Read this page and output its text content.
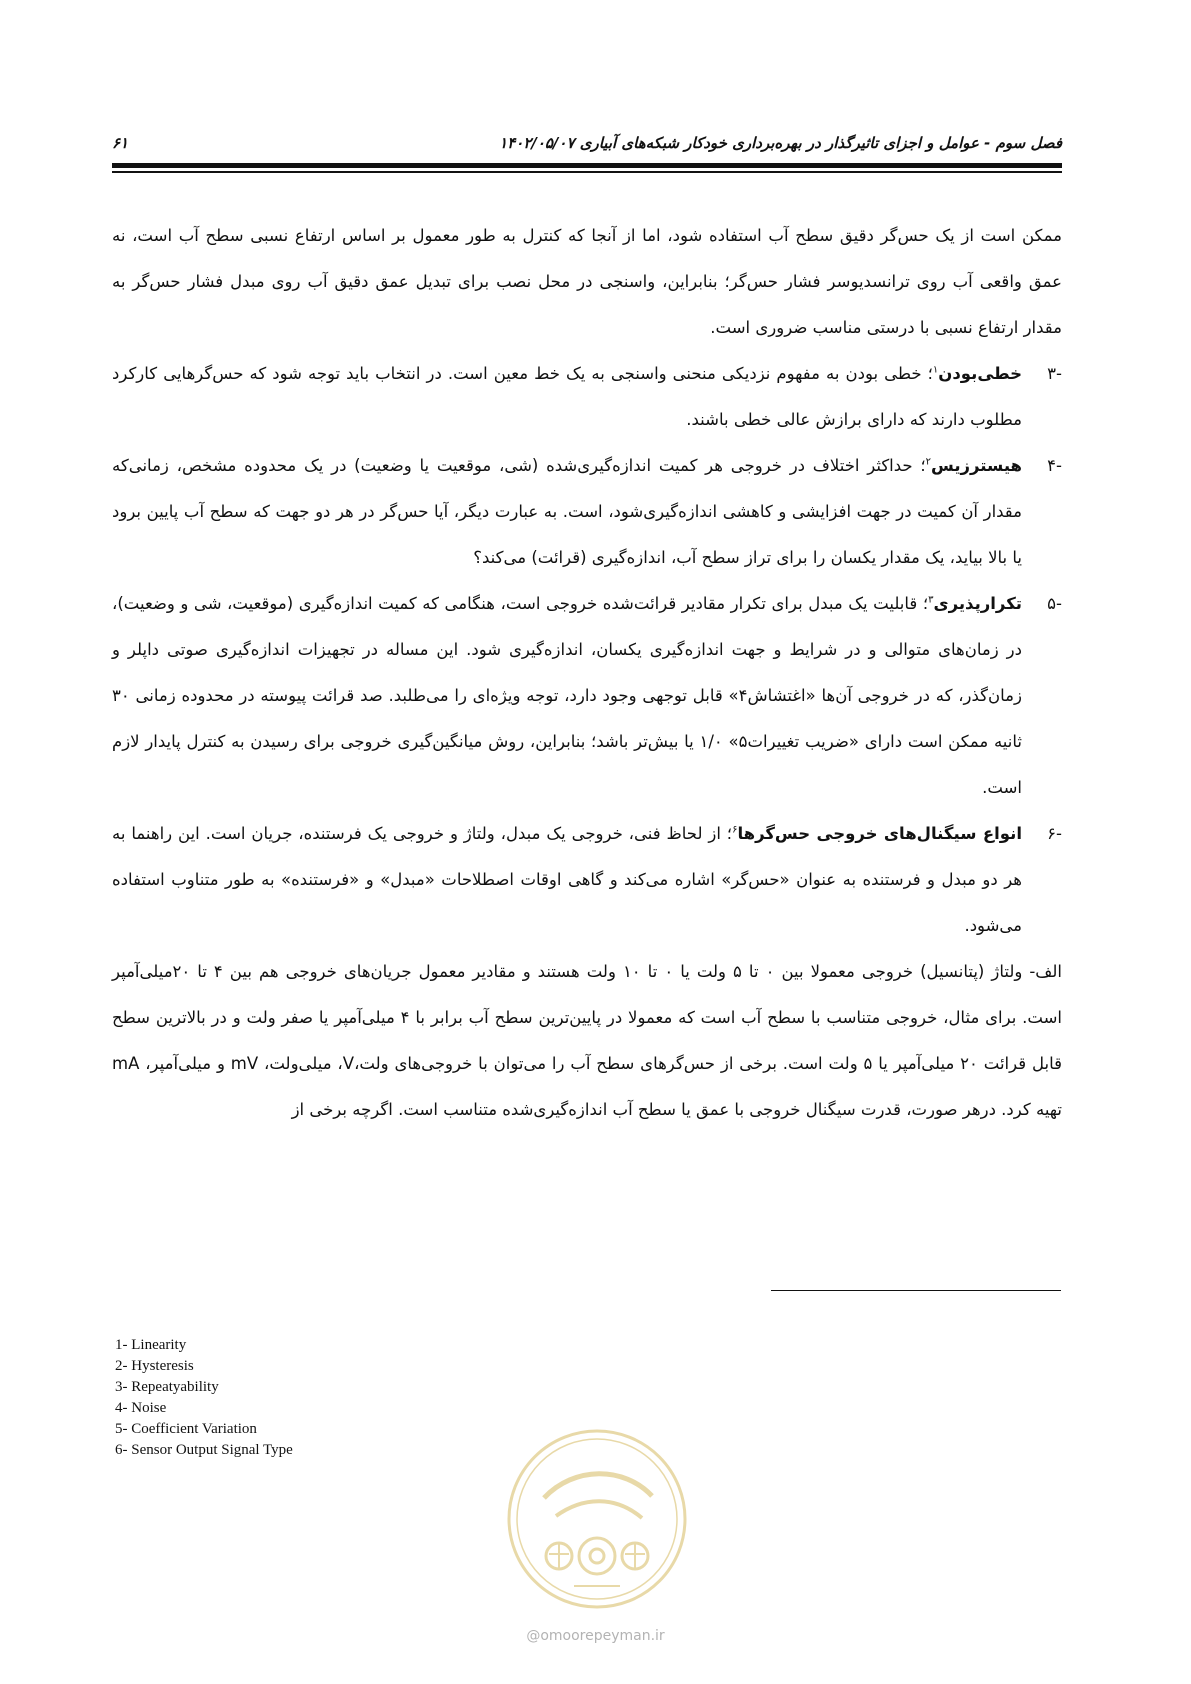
فصل سوم - عوامل و اجزای تاثیرگذار در بهره‌برداری خودکار شبکه‌های آبیاری ۱۴۰۲/۰۵/۰۷
۶۱

ممکن است از یک حس‌گر دقیق سطح آب استفاده شود، اما از آنجا که کنترل به طور معمول بر اساس ارتفاع نسبی سطح آب است، نه عمق واقعی آب روی ترانسدیوسر فشار حس‌گر؛ بنابراین، واسنجی در محل نصب برای تبدیل عمق دقیق آب روی مبدل فشار حس‌گر به مقدار ارتفاع نسبی با درستی مناسب ضروری است.

-۳
خطی‌بودن$^۱$؛ خطی بودن به مفهوم نزدیکی منحنی واسنجی به یک خط معین است. در انتخاب باید توجه شود که حس‌گرهایی کارکرد مطلوب دارند که دارای برازش عالی خطی باشند.

-۴
هیسترزیس$^۲$؛ حداکثر اختلاف در خروجی هر کمیت اندازه‌گیری‌شده (شی، موقعیت یا وضعیت) در یک محدوده مشخص، زمانی‌که مقدار آن کمیت در جهت افزایشی و کاهشی اندازه‌گیری‌شود، است. به عبارت دیگر، آیا حس‌گر در هر دو جهت که سطح آب پایین برود یا بالا بیاید، یک مقدار یکسان را برای تراز سطح آب، اندازه‌گیری (قرائت) می‌کند؟

-۵
تکرارپذیری$^۳$؛ قابلیت یک مبدل برای تکرار مقادیر قرائت‌شده خروجی است، هنگامی که کمیت اندازه‌گیری (موقعیت، شی و وضعیت)، در زمان‌های متوالی و در شرایط و جهت اندازه‌گیری یکسان، اندازه‌گیری شود. این مساله در تجهیزات اندازه‌گیری صوتی داپلر و زمان‌گذر، که در خروجی آن‌ها «اغتشاش۴» قابل توجهی وجود دارد، توجه ویژه‌ای را می‌طلبد. صد قرائت پیوسته در محدوده زمانی ۳۰ ثانیه ممکن است دارای «ضریب تغییرات۵» ۱/۰ یا بیش‌تر باشد؛ بنابراین، روش میانگین‌گیری خروجی برای رسیدن به کنترل پایدار لازم است.

-۶
انواع سیگنال‌های خروجی حس‌گرها$^۶$؛ از لحاظ فنی، خروجی یک مبدل، ولتاژ و خروجی یک فرستنده، جریان است. این راهنما به هر دو مبدل و فرستنده به عنوان «حس‌گر» اشاره می‌کند و گاهی اوقات اصطلاحات «مبدل» و «فرستنده» به طور متناوب استفاده می‌شود.

الف- ولتاژ (پتانسیل) خروجی معمولا بین ۰ تا ۵ ولت یا ۰ تا ۱۰ ولت هستند و مقادیر معمول جریان‌های خروجی هم بین ۴ تا ۲۰میلی‌آمپر است. برای مثال، خروجی متناسب با سطح آب است که معمولا در پایین‌ترین سطح آب برابر با ۴ میلی‌آمپر یا صفر ولت و در بالاترین سطح قابل قرائت ۲۰ میلی‌آمپر یا ۵ ولت است. برخی از حس‌گرهای سطح آب را می‌توان با خروجی‌های ولت،V، میلی‌ولت، mV و میلی‌آمپر، mA تهیه کرد. درهر صورت، قدرت سیگنال خروجی با عمق یا سطح آب اندازه‌گیری‌شده متناسب است. اگرچه برخی از

1- Linearity
2- Hysteresis
3- Repeatyability
4- Noise
5- Coefficient Variation
6- Sensor Output Signal Type
@omoorepeyman.ir
